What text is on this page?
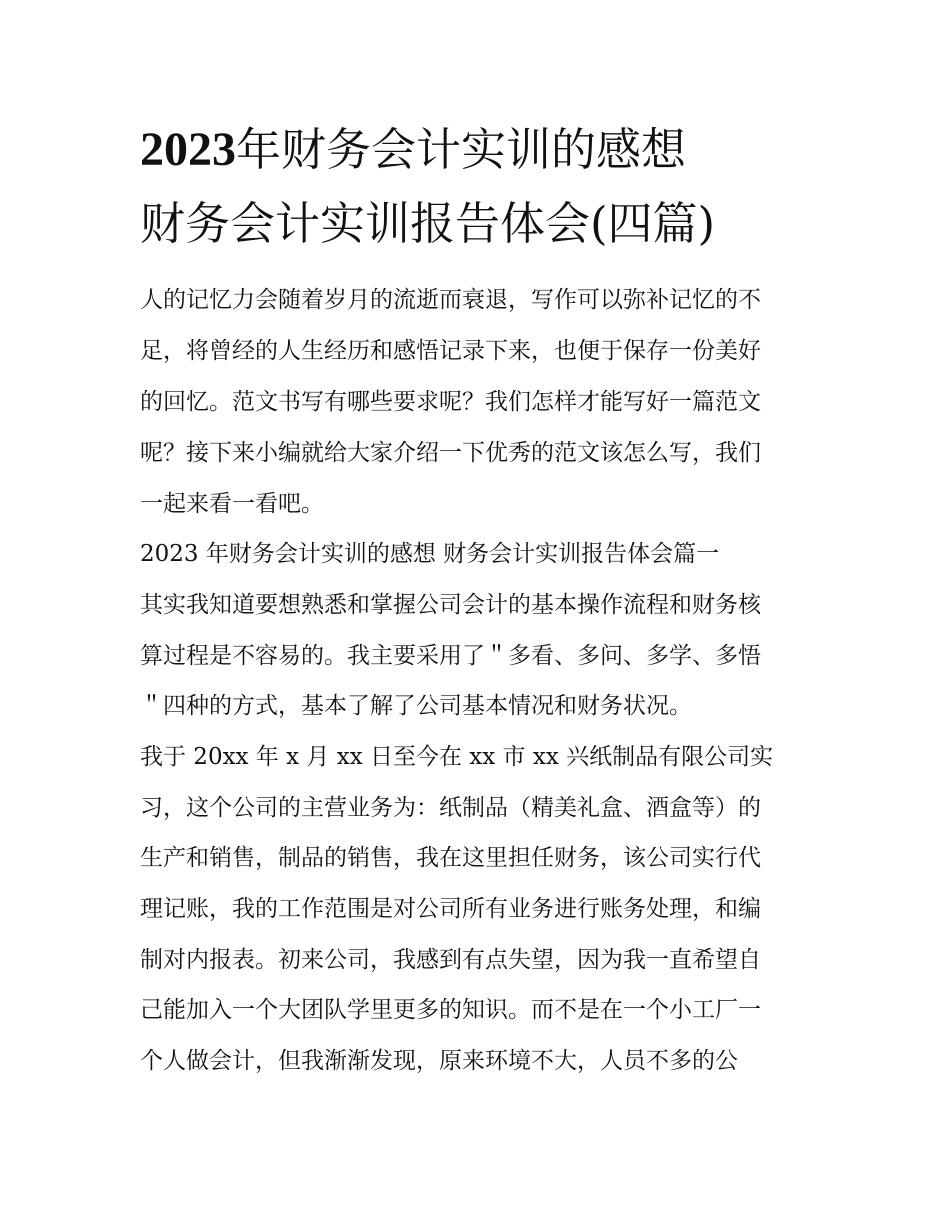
2023年财务会计实训的感想
财务会计实训报告体会(四篇)
人的记忆力会随着岁月的流逝而衰退，写作可以弥补记忆的不
足，将曾经的人生经历和感悟记录下来，也便于保存一份美好
的回忆。范文书写有哪些要求呢？我们怎样才能写好一篇范文
呢？接下来小编就给大家介绍一下优秀的范文该怎么写，我们
一起来看一看吧。
2023 年财务会计实训的感想 财务会计实训报告体会篇一
其实我知道要想熟悉和掌握公司会计的基本操作流程和财务核
算过程是不容易的。我主要采用了＂多看、多问、多学、多悟
＂四种的方式，基本了解了公司基本情况和财务状况。
我于 20xx 年 x 月 xx 日至今在 xx 市 xx 兴纸制品有限公司实
习，这个公司的主营业务为：纸制品（精美礼盒、酒盒等）的
生产和销售，制品的销售，我在这里担任财务，该公司实行代
理记账，我的工作范围是对公司所有业务进行账务处理，和编
制对内报表。初来公司，我感到有点失望，因为我一直希望自
己能加入一个大团队学里更多的知识。而不是在一个小工厂一
个人做会计，但我渐渐发现，原来环境不大，人员不多的公
